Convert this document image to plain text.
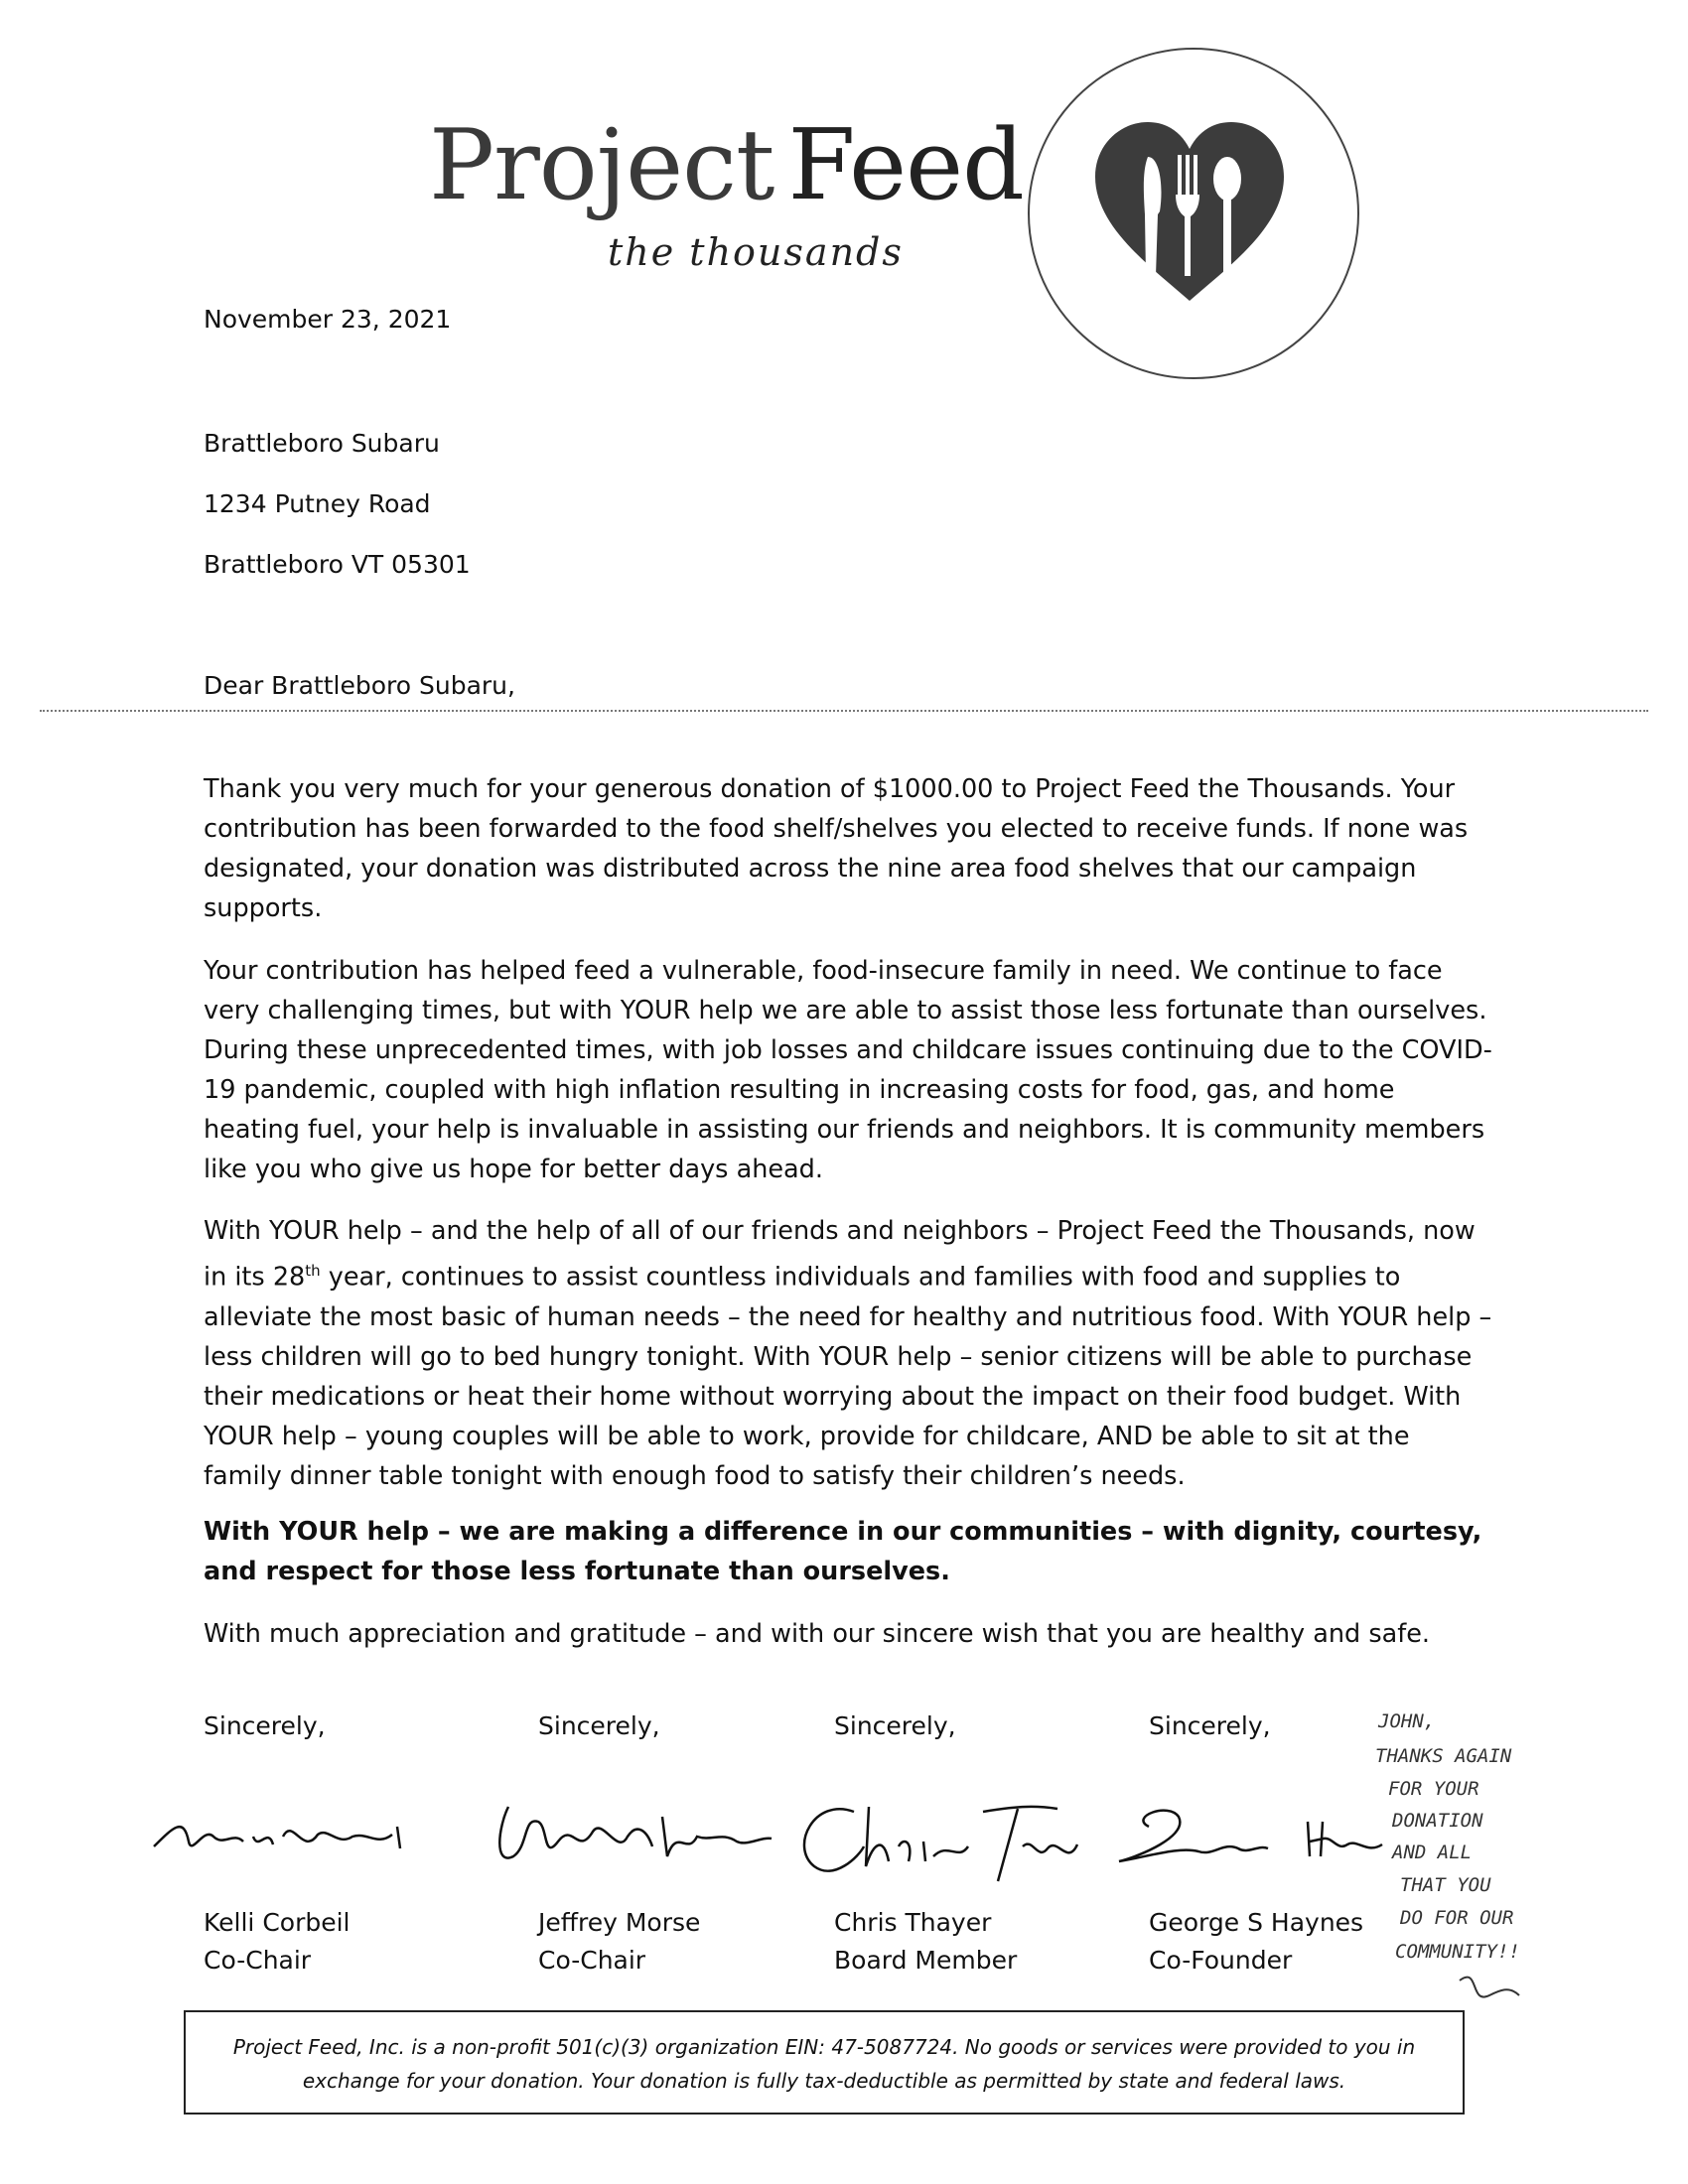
Project Feed
the thousands
November 23, 2021
Brattleboro Subaru
1234 Putney Road
Brattleboro VT 05301
Dear Brattleboro Subaru,

Thank you very much for your generous donation of $1000.00 to Project Feed the Thousands. Your contribution has been forwarded to the food shelf/shelves you elected to receive funds. If none was designated, your donation was distributed across the nine area food shelves that our campaign supports.

Your contribution has helped feed a vulnerable, food-insecure family in need. We continue to face very challenging times, but with YOUR help we are able to assist those less fortunate than ourselves. During these unprecedented times, with job losses and childcare issues continuing due to the COVID-19 pandemic, coupled with high inflation resulting in increasing costs for food, gas, and home heating fuel, your help is invaluable in assisting our friends and neighbors. It is community members like you who give us hope for better days ahead.

With YOUR help – and the help of all of our friends and neighbors – Project Feed the Thousands, now in its 28th year, continues to assist countless individuals and families with food and supplies to alleviate the most basic of human needs – the need for healthy and nutritious food. With YOUR help – less children will go to bed hungry tonight. With YOUR help – senior citizens will be able to purchase their medications or heat their home without worrying about the impact on their food budget. With YOUR help – young couples will be able to work, provide for childcare, AND be able to sit at the family dinner table tonight with enough food to satisfy their children’s needs.

With YOUR help – we are making a difference in our communities – with dignity, courtesy, and respect for those less fortunate than ourselves.

With much appreciation and gratitude – and with our sincere wish that you are healthy and safe.

Sincerely,
Kelli Corbeil
Co-Chair
Sincerely,
Jeffrey Morse
Co-Chair
Sincerely,
Chris Thayer
Board Member
Sincerely,
George S Haynes
Co-Founder
JOHN,
THANKS AGAIN
FOR YOUR
DONATION
AND ALL
THAT YOU
DO FOR OUR
COMMUNITY!!
Project Feed, Inc. is a non-profit 501(c)(3) organization EIN: 47-5087724. No goods or services were provided to you in
exchange for your donation. Your donation is fully tax-deductible as permitted by state and federal laws.
